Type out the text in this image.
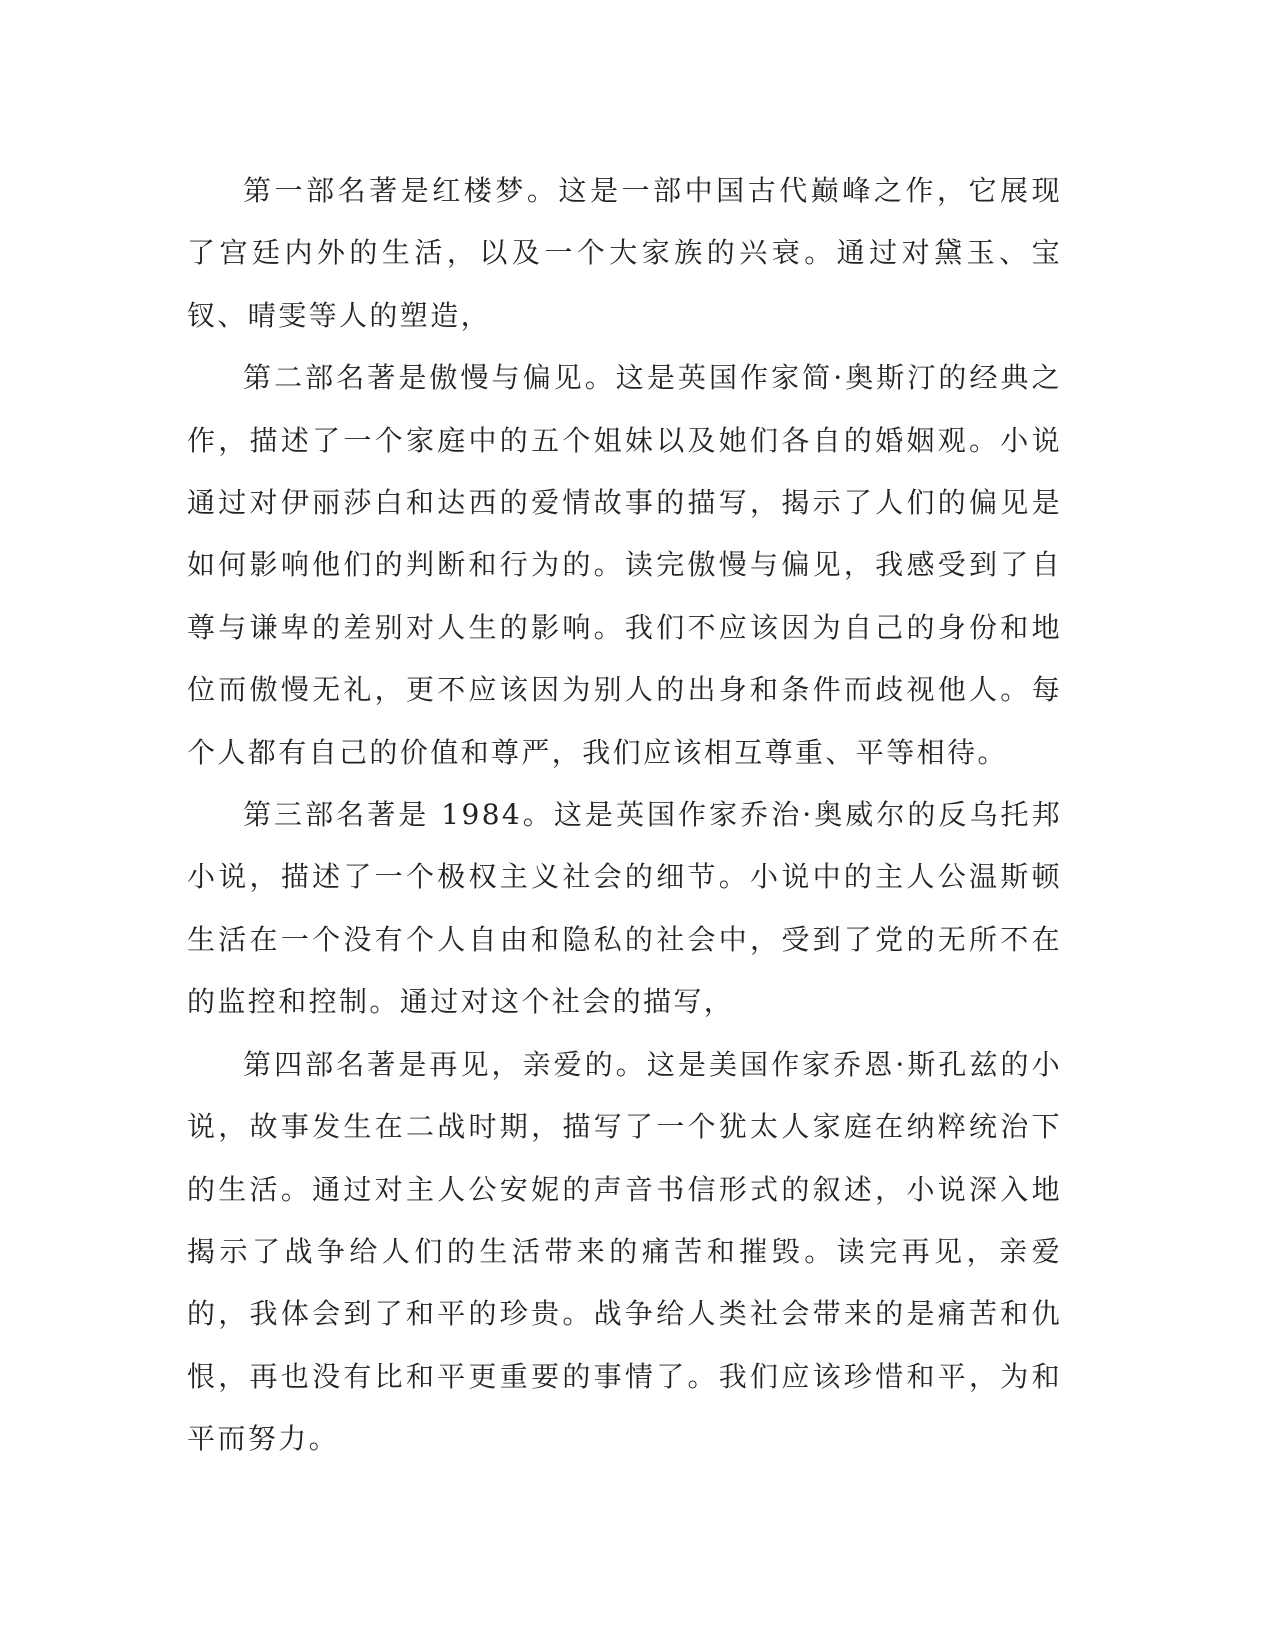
第一部名著是红楼梦。这是一部中国古代巅峰之作，它展现了宫廷内外的生活，以及一个大家族的兴衰。通过对黛玉、宝钗、晴雯等人的塑造，

第二部名著是傲慢与偏见。这是英国作家简·奥斯汀的经典之作，描述了一个家庭中的五个姐妹以及她们各自的婚姻观。小说通过对伊丽莎白和达西的爱情故事的描写，揭示了人们的偏见是如何影响他们的判断和行为的。读完傲慢与偏见，我感受到了自尊与谦卑的差别对人生的影响。我们不应该因为自己的身份和地位而傲慢无礼，更不应该因为别人的出身和条件而歧视他人。每个人都有自己的价值和尊严，我们应该相互尊重、平等相待。

第三部名著是 1984。这是英国作家乔治·奥威尔的反乌托邦小说，描述了一个极权主义社会的细节。小说中的主人公温斯顿生活在一个没有个人自由和隐私的社会中，受到了党的无所不在的监控和控制。通过对这个社会的描写，

第四部名著是再见，亲爱的。这是美国作家乔恩·斯孔兹的小说，故事发生在二战时期，描写了一个犹太人家庭在纳粹统治下的生活。通过对主人公安妮的声音书信形式的叙述，小说深入地揭示了战争给人们的生活带来的痛苦和摧毁。读完再见，亲爱的，我体会到了和平的珍贵。战争给人类社会带来的是痛苦和仇恨，再也没有比和平更重要的事情了。我们应该珍惜和平，为和平而努力。
